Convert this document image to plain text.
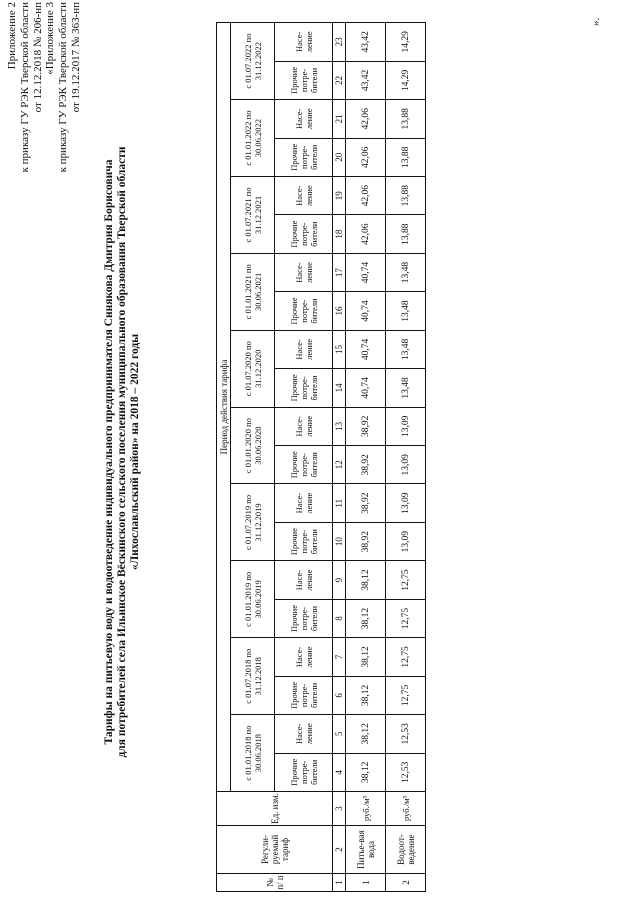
Приложение 2 к приказу ГУ РЭК Тверской области от 12.12.2018 № 206-нп «Приложение 3 к приказу ГУ РЭК Тверской области от 19.12.2017 № 363-нп
Тарифы на питьевую воду и водоотведение индивидуального предпринимателя Синякова Дмитрия Борисовича для потребителей села Ильинское Вёскинского сельского поселения муниципального образования Тверской области «Лихославльский район» на 2018 – 2022 годы
№ п/ п	Регули-руемый тариф	Ед. изм.	Период действия тарифа																			
			с 01.01.2018 по 30.06.2018		с 01.07.2018 по 31.12.2018		с 01.01.2019 по 30.06.2019		с 01.07.2019 по 31.12.2019		с 01.01.2020 по 30.06.2020		с 01.07.2020 по 31.12.2020		с 01.01.2021 по 30.06.2021		с 01.07.2021 по 31.12.2021		с 01.01.2022 по 30.06.2022		с 01.07.2022 по 31.12.2022	
			Прочие потре-бители	Насе-ление	Прочие потре-бители	Насе-ление	Прочие потре-бители	Насе-ление	Прочие потре-бители	Насе-ление	Прочие потре-бители	Насе-ление	Прочие потре-бители	Насе-ление	Прочие потре-бители	Насе-ление	Прочие потре-бители	Насе-ление	Прочие потре-бители	Насе-ление	Прочие потре-бители	Насе-ление
1	2	3	4	5	6	7	8	9	10	11	12	13	14	15	16	17	18	19	20	21	22	23
1	Питье-вая вода	руб./м³	38,12	38,12	38,12	38,12	38,12	38,12	38,92	38,92	38,92	38,92	40,74	40,74	40,74	40,74	42,06	42,06	42,06	42,06	43,42	43,42
2	Водоот-ведение	руб./м³	12,53	12,53	12,75	12,75	12,75	12,75	13,09	13,09	13,09	13,09	13,48	13,48	13,48	13,48	13,88	13,88	13,88	13,88	14,29	14,29
».
